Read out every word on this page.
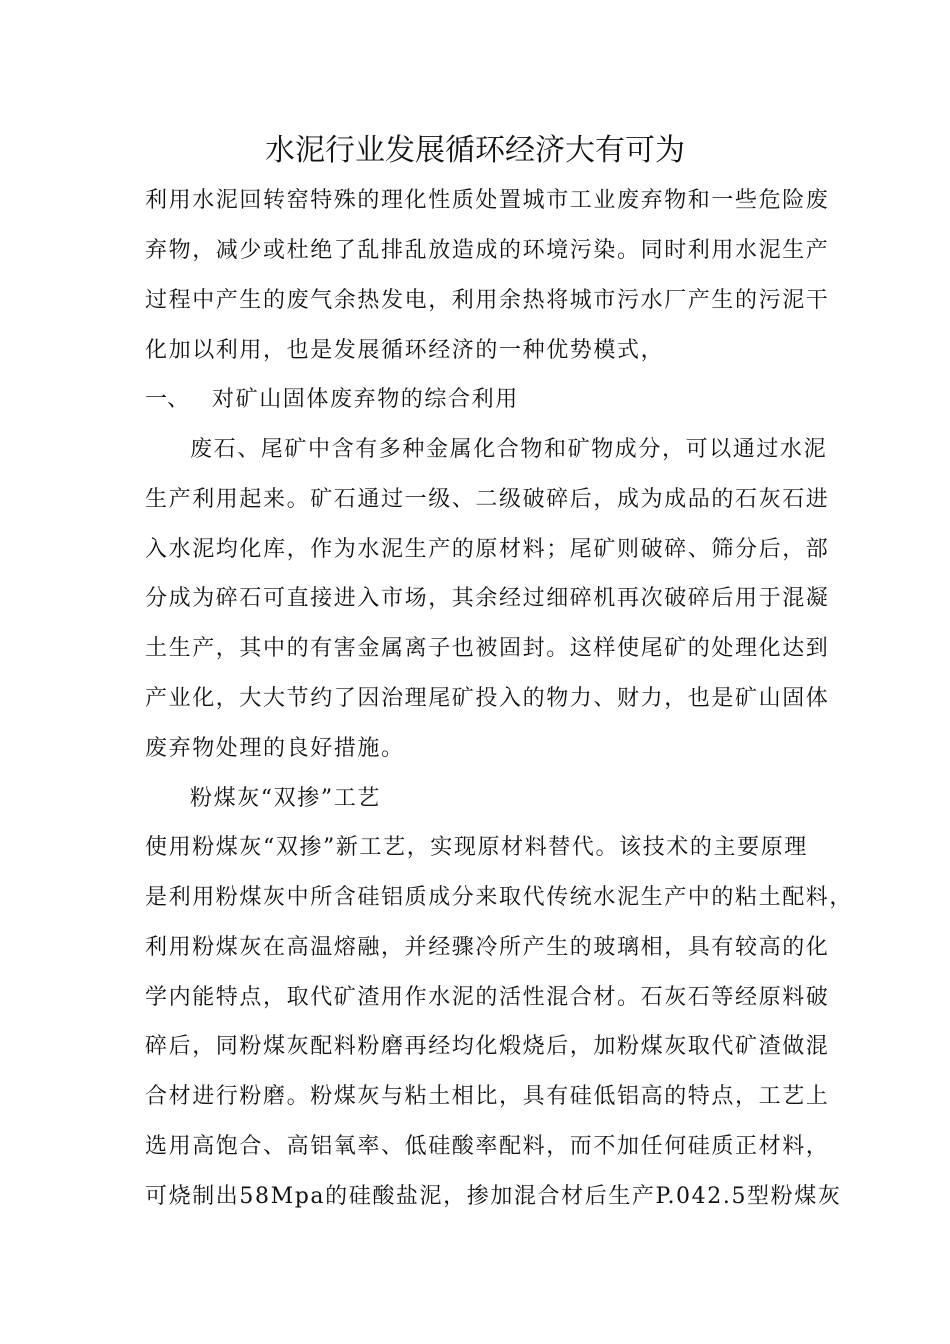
水泥行业发展循环经济大有可为
利用水泥回转窑特殊的理化性质处置城市工业废弃物和一些危险废
弃物，减少或杜绝了乱排乱放造成的环境污染。同时利用水泥生产
过程中产生的废气余热发电，利用余热将城市污水厂产生的污泥干
化加以利用，也是发展循环经济的一种优势模式，
一、 对矿山固体废弃物的综合利用
废石、尾矿中含有多种金属化合物和矿物成分，可以通过水泥
生产利用起来。矿石通过一级、二级破碎后，成为成品的石灰石进
入水泥均化库，作为水泥生产的原材料；尾矿则破碎、筛分后，部
分成为碎石可直接进入市场，其余经过细碎机再次破碎后用于混凝
土生产，其中的有害金属离子也被固封。这样使尾矿的处理化达到
产业化，大大节约了因治理尾矿投入的物力、财力，也是矿山固体
废弃物处理的良好措施。
粉煤灰“双掺”工艺
使用粉煤灰“双掺”新工艺，实现原材料替代。该技术的主要原理
是利用粉煤灰中所含硅铝质成分来取代传统水泥生产中的粘土配料，
利用粉煤灰在高温熔融，并经骤冷所产生的玻璃相，具有较高的化
学内能特点，取代矿渣用作水泥的活性混合材。石灰石等经原料破
碎后，同粉煤灰配料粉磨再经均化煅烧后，加粉煤灰取代矿渣做混
合材进行粉磨。粉煤灰与粘土相比，具有硅低铝高的特点，工艺上
选用高饱合、高铝氧率、低硅酸率配料，而不加任何硅质正材料，
可烧制出58Mpa的硅酸盐泥，掺加混合材后生产P.042.5型粉煤灰
